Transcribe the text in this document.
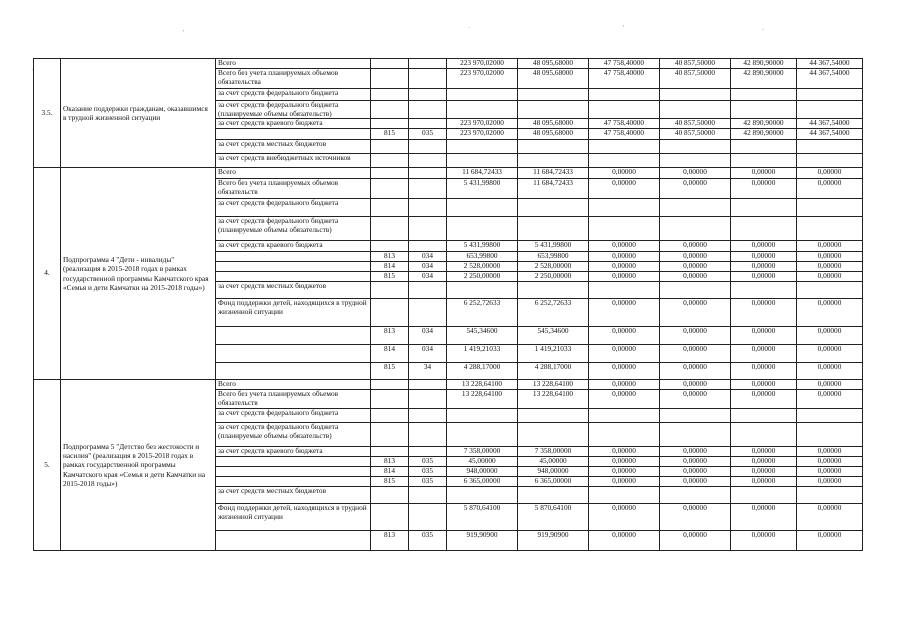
'
·	'	·
·
3.5.	Оказание поддержки гражданам, оказавшимся в трудной жизненной ситуации	Всего			223 970,02000	48 095,68000	47 758,40000	40 857,50000	42 890,90000	44 367,54000
		Всего без учета планируемых объемов обязательства			223 970,02000	48 095,68000	47 758,40000	40 857,50000	42 890,90000	44 367,54000
		за счет средств федерального бюджета								
		за счет средств федерального бюджета (планируемые объемы обязательств)								
		за счет средств краевого бюджета			223 970,02000	48 095,68000	47 758,40000	40 857,50000	42 890,90000	44 367,54000
			815	035	223 970,02000	48 095,68000	47 758,40000	40 857,50000	42 890,90000	44 367,54000
		за счет средств местных бюджетов								
		за счет средств внебюджетных источников								
4.	Подпрограмма 4 "Дети - инвалиды" (реализация в 2015-2018 годах в рамках государственной программы Камчатского края «Семья и дети Камчатки на 2015-2018 годы»)	Всего			11 684,72433	11 684,72433	0,00000	0,00000	0,00000	0,00000
		Всего без учета планируемых объемов обязательств			5 431,99800	11 684,72433	0,00000	0,00000	0,00000	0,00000
		за счет средств федерального бюджета								
		за счет средств федерального бюджета (планируемые объемы обязательств)								
		за счет средств краевого бюджета			5 431,99800	5 431,99800	0,00000	0,00000	0,00000	0,00000
			813	034	653,99800	653,99800	0,00000	0,00000	0,00000	0,00000
			814	034	2 528,00000	2 528,00000	0,00000	0,00000	0,00000	0,00000
			815	034	2 250,00000	2 250,00000	0,00000	0,00000	0,00000	0,00000
		за счет средств местных бюджетов								
		Фонд поддержки детей, находящихся в трудной жизненной ситуации			6 252,72633	6 252,72633	0,00000	0,00000	0,00000	0,00000
			813	034	545,34600	545,34600	0,00000	0,00000	0,00000	0,00000
			814	034	1 419,21033	1 419,21033	0,00000	0,00000	0,00000	0,00000
			815	34	4 288,17000	4 288,17000	0,00000	0,00000	0,00000	0,00000
5.	Подпрограмма 5 "Детство без жестокости и насилия" (реализация в 2015-2018 годах в рамках государственной программы Камчатского края «Семья и дети Камчатки на 2015-2018 годы»)	Всего			13 228,64100	13 228,64100	0,00000	0,00000	0,00000	0,00000
		Всего без учета планируемых объемов обязательств			13 228,64100	13 228,64100	0,00000	0,00000	0,00000	0,00000
		за счет средств федерального бюджета								
		за счет средств федерального бюджета (планируемые объемы обязательств)								
		за счет средств краевого бюджета			7 358,00000	7 358,00000	0,00000	0,00000	0,00000	0,00000
			813	035	45,00000	45,00000	0,00000	0,00000	0,00000	0,00000
			814	035	948,00000	948,00000	0,00000	0,00000	0,00000	0,00000
			815	035	6 365,00000	6 365,00000	0,00000	0,00000	0,00000	0,00000
		за счет средств местных бюджетов								
		Фонд поддержки детей, находящихся в трудной жизненной ситуации			5 870,64100	5 870,64100	0,00000	0,00000	0,00000	0,00000
			813	035	919,90900	919,90900	0,00000	0,00000	0,00000	0,00000
